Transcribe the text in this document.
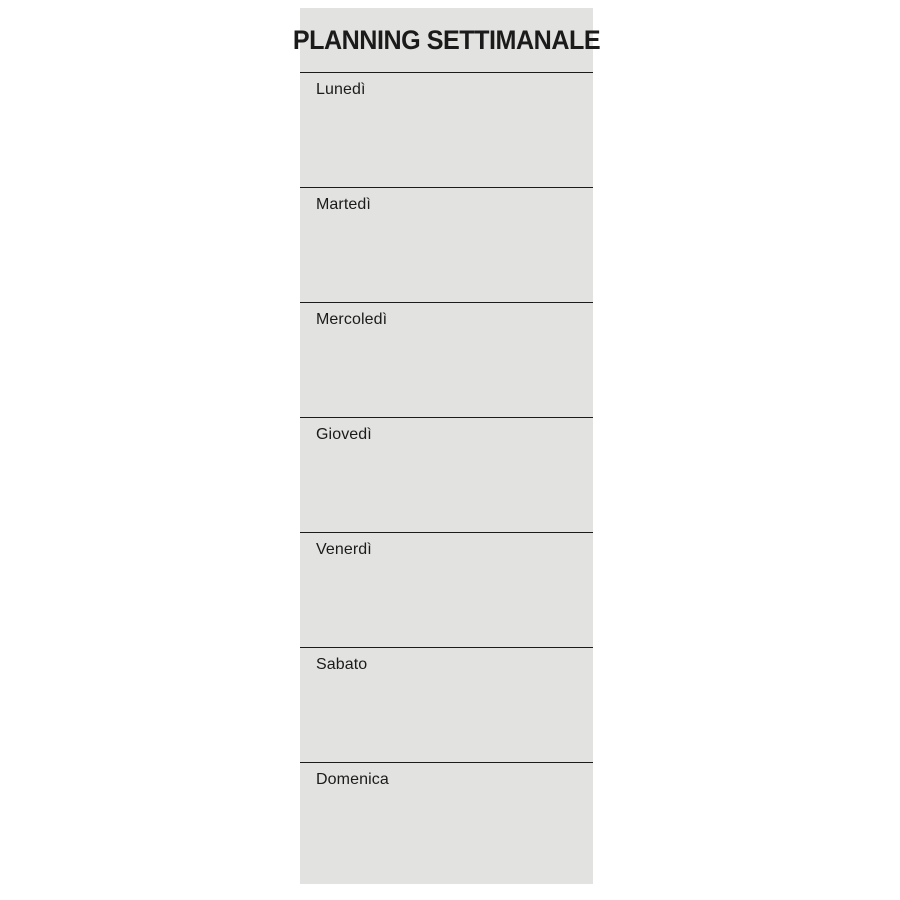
PLANNING SETTIMANALE
Lunedì
Martedì
Mercoledì
Giovedì
Venerdì
Sabato
Domenica
